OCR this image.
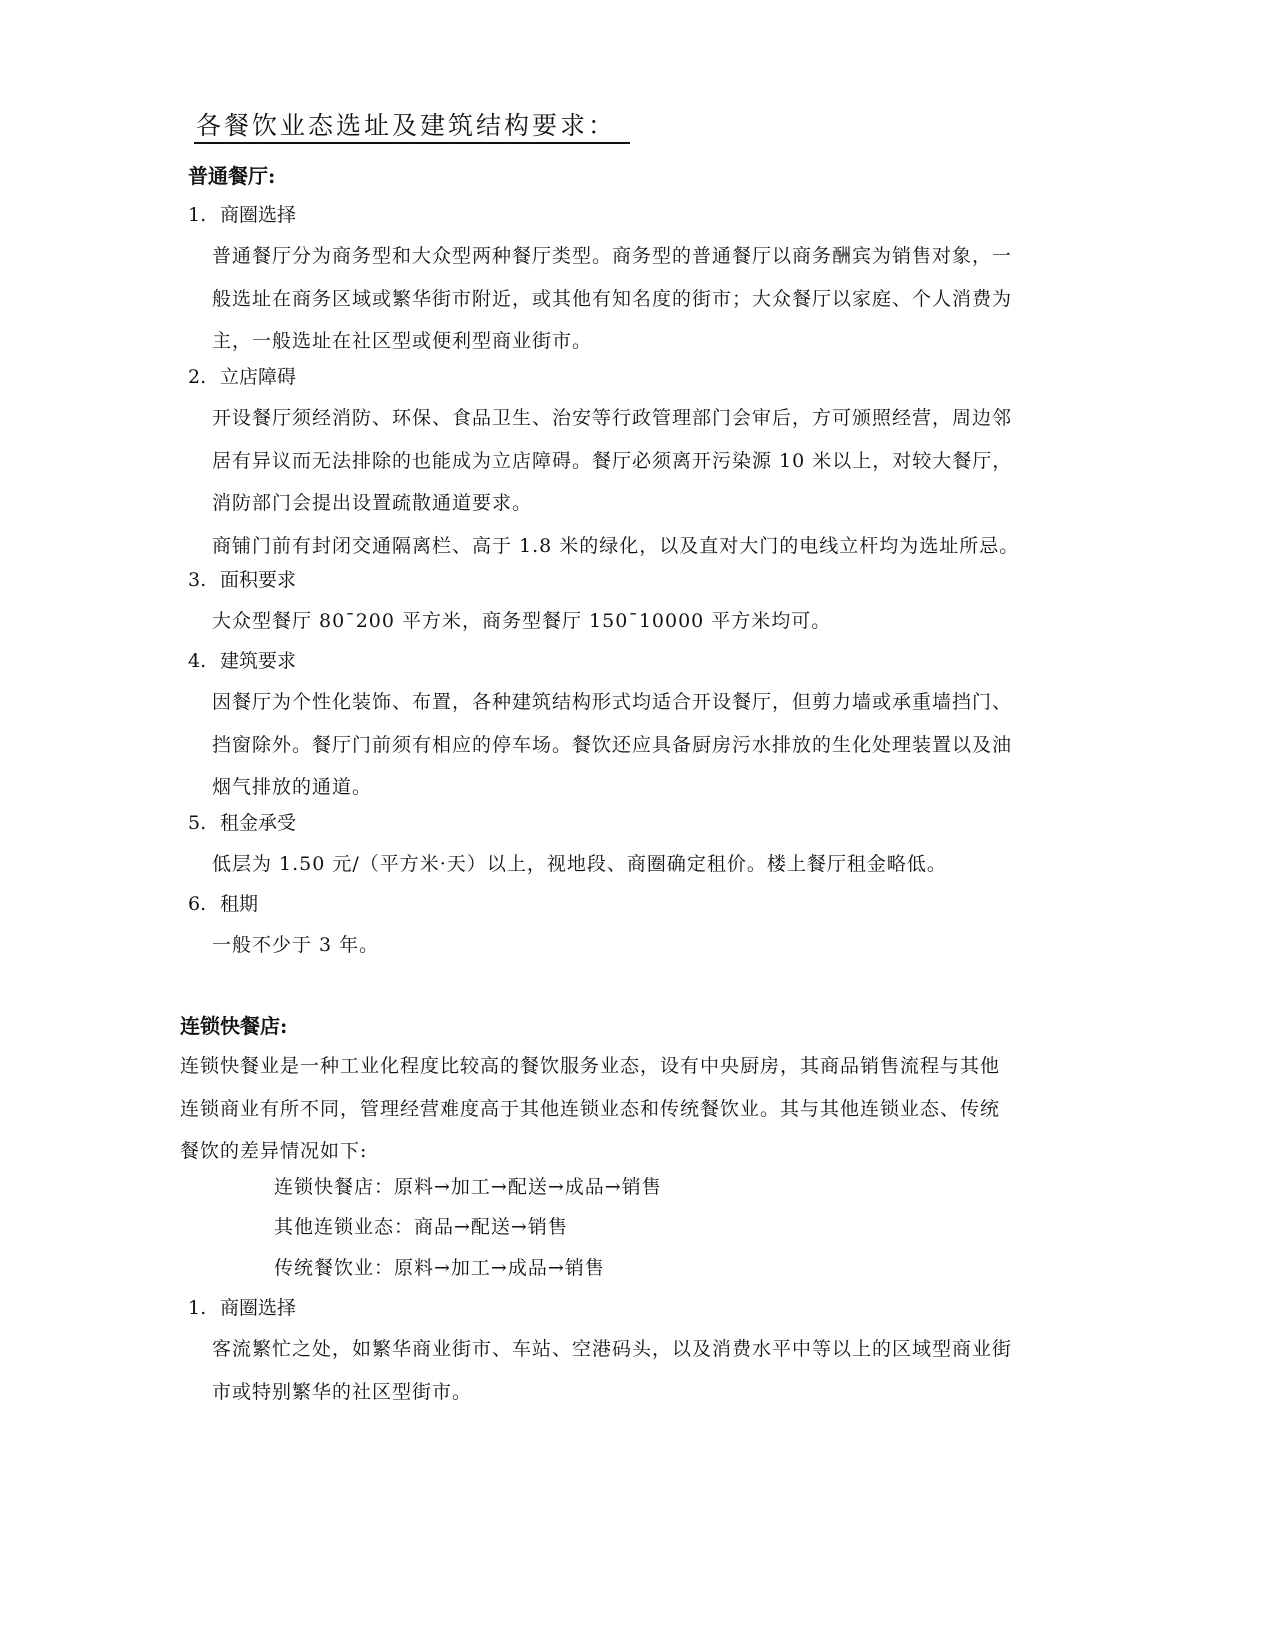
各餐饮业态选址及建筑结构要求：
普通餐厅:
1. 商圈选择
普通餐厅分为商务型和大众型两种餐厅类型。商务型的普通餐厅以商务酬宾为销售对象，一
般选址在商务区域或繁华街市附近，或其他有知名度的街市；大众餐厅以家庭、个人消费为
主，一般选址在社区型或便利型商业街市。
2. 立店障碍
开设餐厅须经消防、环保、食品卫生、治安等行政管理部门会审后，方可颁照经营，周边邻
居有异议而无法排除的也能成为立店障碍。餐厅必须离开污染源 10 米以上，对较大餐厅，
消防部门会提出设置疏散通道要求。
商铺门前有封闭交通隔离栏、高于 1.8 米的绿化，以及直对大门的电线立杆均为选址所忌。
3. 面积要求
大众型餐厅 80¯200 平方米，商务型餐厅 150¯10000 平方米均可。
4. 建筑要求
因餐厅为个性化装饰、布置，各种建筑结构形式均适合开设餐厅，但剪力墙或承重墙挡门、
挡窗除外。餐厅门前须有相应的停车场。餐饮还应具备厨房污水排放的生化处理装置以及油
烟气排放的通道。
5. 租金承受
低层为 1.50 元/（平方米·天）以上，视地段、商圈确定租价。楼上餐厅租金略低。
6. 租期
一般不少于 3 年。
连锁快餐店:
连锁快餐业是一种工业化程度比较高的餐饮服务业态，设有中央厨房，其商品销售流程与其他
连锁商业有所不同，管理经营难度高于其他连锁业态和传统餐饮业。其与其他连锁业态、传统
餐饮的差异情况如下:
连锁快餐店：原料→加工→配送→成品→销售
其他连锁业态：商品→配送→销售
传统餐饮业：原料→加工→成品→销售
1. 商圈选择
客流繁忙之处，如繁华商业街市、车站、空港码头，以及消费水平中等以上的区域型商业街
市或特别繁华的社区型街市。
